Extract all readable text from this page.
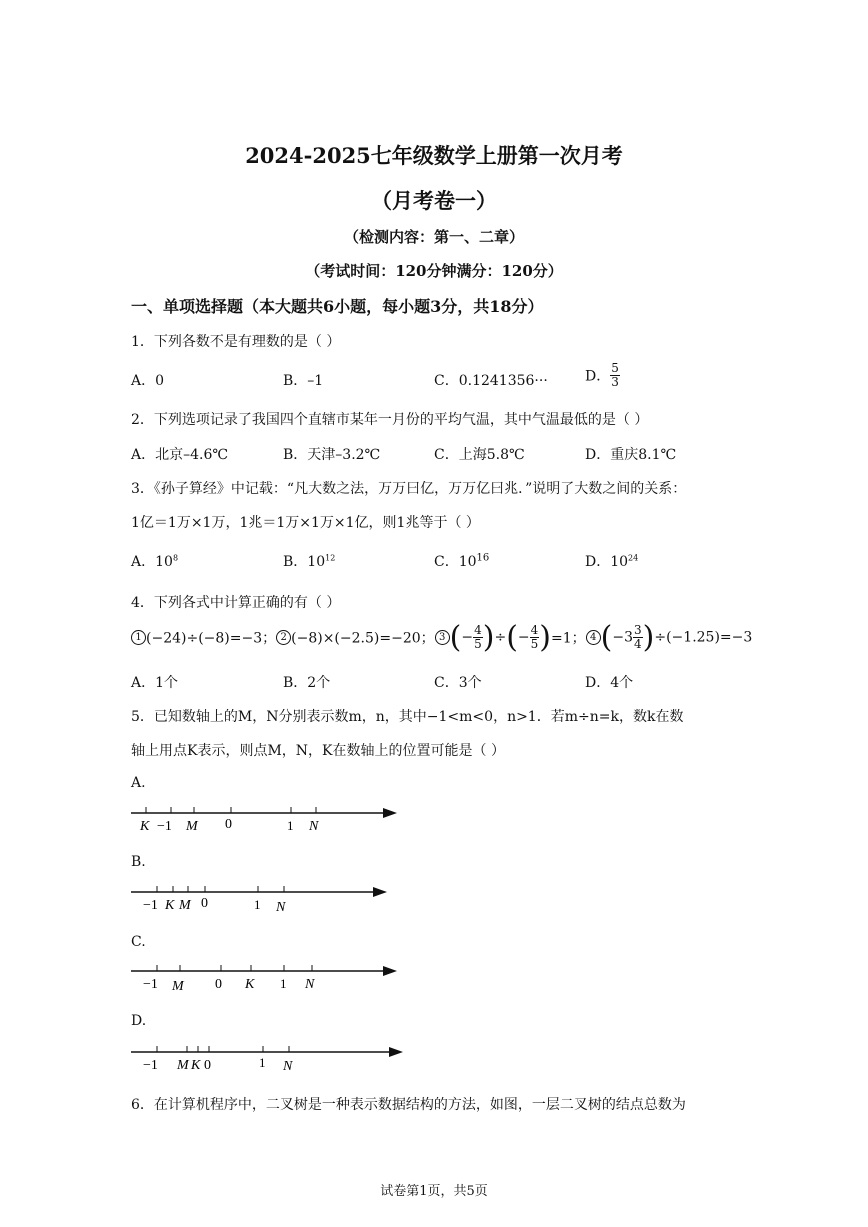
2024-2025七年级数学上册第一次月考
（月考卷一）
（检测内容：第一、二章）
（考试时间：120分钟满分：120分）
一、单项选择题（本大题共6小题，每小题3分，共18分）
1．下列各数不是有理数的是（ ）
A．0	B．–1	C．0.1241356···	D． $\frac{5}{3}$
2．下列选项记录了我国四个直辖市某年一月份的平均气温，其中气温最低的是（ ）
A．北京–4.6℃	B．天津–3.2℃	C．上海5.8℃	D．重庆8.1℃
3．《孙子算经》中记载：“凡大数之法，万万曰亿，万万亿曰兆．”说明了大数之间的关系：
1亿＝1万×1万，1兆＝1万×1万×1亿，则1兆等于（ ）
A．$10^8$	B．$10^{12}$	C．$10^{16}$	D．$10^{24}$
4．下列各式中计算正确的有（ ）
1 (−24)÷(−8)=−3； 2 (−8)×(−2.5)=−20； 3 (− $\frac{4}{5}$ )÷(− $\frac{4}{5} )=1$； 4 $(-3 \frac{3}{4} )\div(-1.25)=-3$
A．1个	B．2个	C．3个	D．4个
5．已知数轴上的M，N分别表示数m，n，其中−1<m<0，n>1．若m÷n=k，数k在数
轴上用点K表示，则点M，N，K在数轴上的位置可能是（ ）
A.
K −1 M 0	1 N
B.
−1 K M 0	1 N
C.
−1 M 0 K 1 N
D.
−1 M K 0	1 N
6．在计算机程序中，二叉树是一种表示数据结构的方法，如图，一层二叉树的结点总数为
试卷第1页，共5页
